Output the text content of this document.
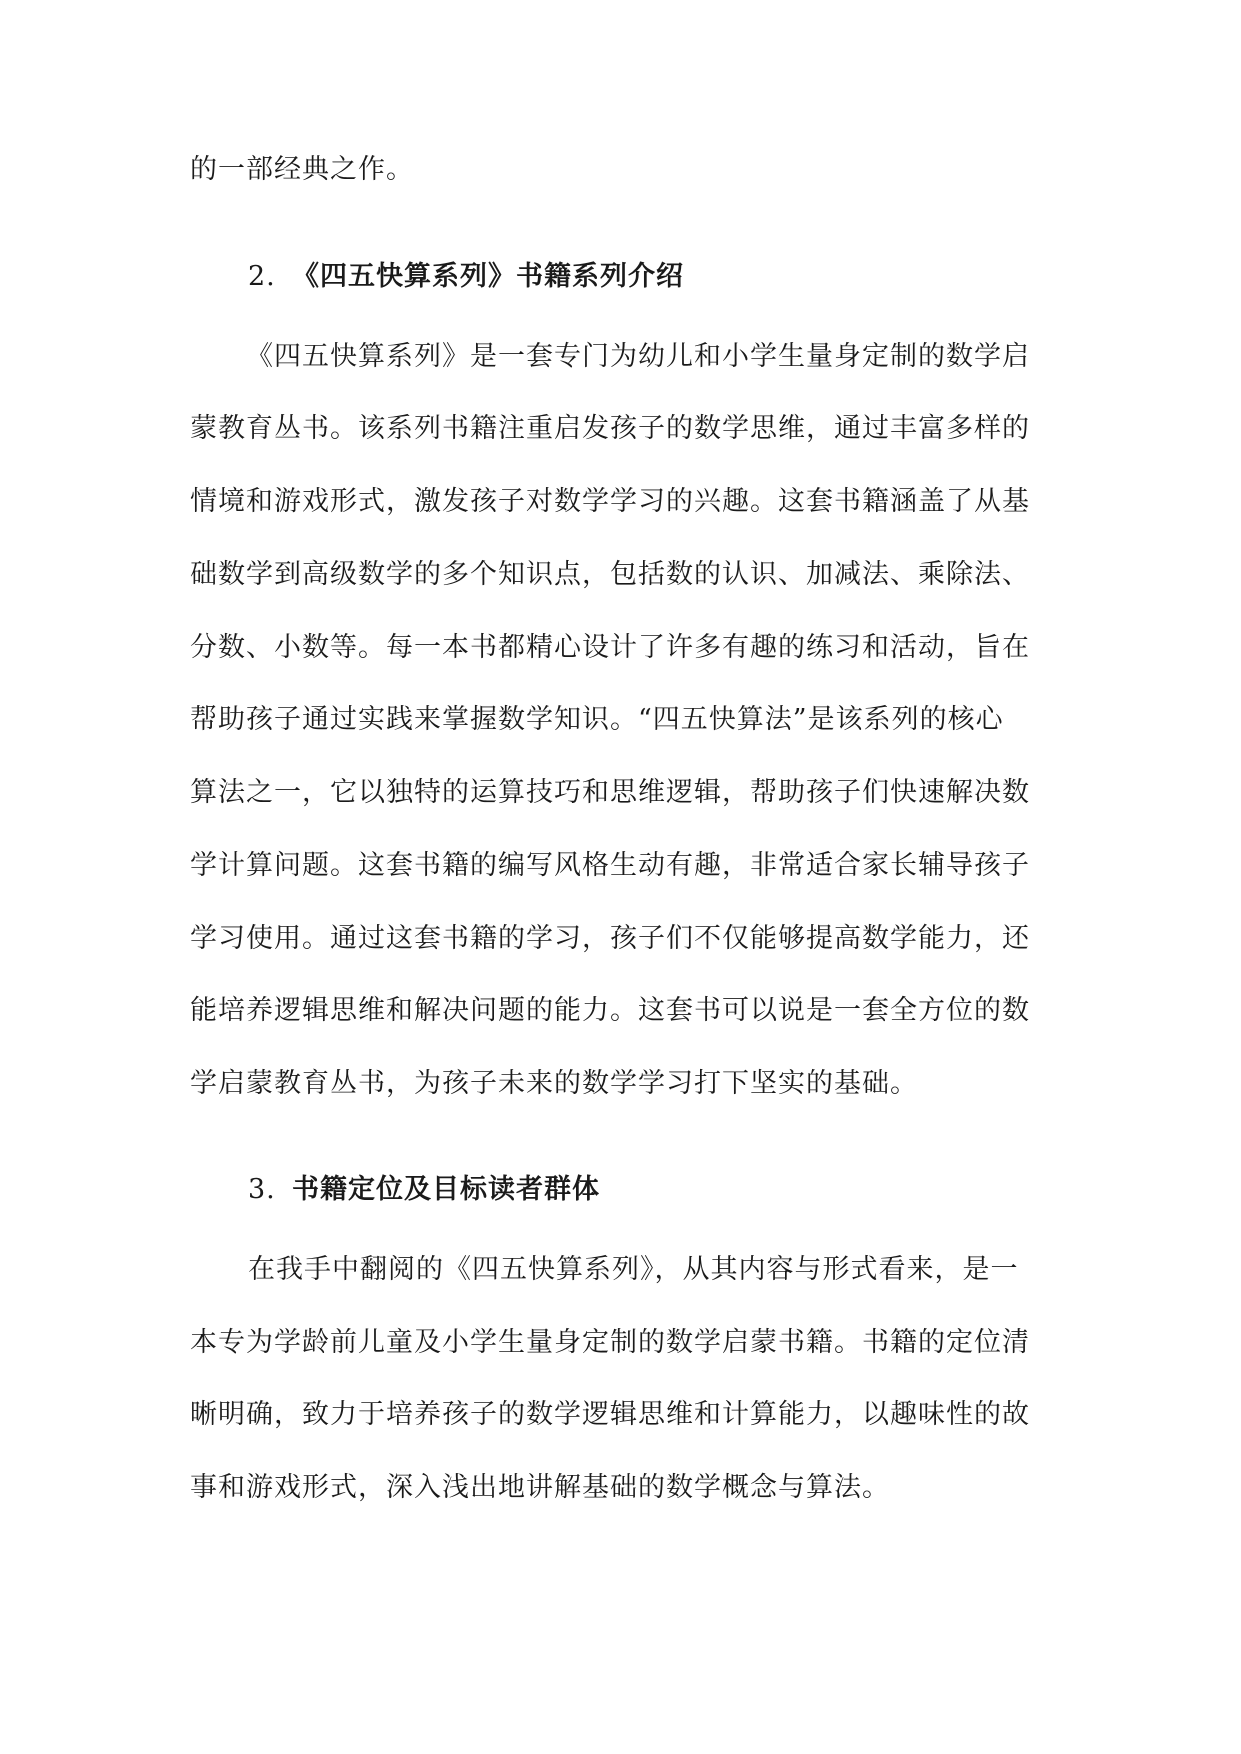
的一部经典之作。
2. 《四五快算系列》书籍系列介绍
《四五快算系列》是一套专门为幼儿和小学生量身定制的数学启
蒙教育丛书。该系列书籍注重启发孩子的数学思维，通过丰富多样的
情境和游戏形式，激发孩子对数学学习的兴趣。这套书籍涵盖了从基
础数学到高级数学的多个知识点，包括数的认识、加减法、乘除法、
分数、小数等。每一本书都精心设计了许多有趣的练习和活动，旨在
帮助孩子通过实践来掌握数学知识。“四五快算法”是该系列的核心
算法之一，它以独特的运算技巧和思维逻辑，帮助孩子们快速解决数
学计算问题。这套书籍的编写风格生动有趣，非常适合家长辅导孩子
学习使用。通过这套书籍的学习，孩子们不仅能够提高数学能力，还
能培养逻辑思维和解决问题的能力。这套书可以说是一套全方位的数
学启蒙教育丛书，为孩子未来的数学学习打下坚实的基础。
3. 书籍定位及目标读者群体
在我手中翻阅的《四五快算系列》，从其内容与形式看来，是一
本专为学龄前儿童及小学生量身定制的数学启蒙书籍。书籍的定位清
晰明确，致力于培养孩子的数学逻辑思维和计算能力，以趣味性的故
事和游戏形式，深入浅出地讲解基础的数学概念与算法。
